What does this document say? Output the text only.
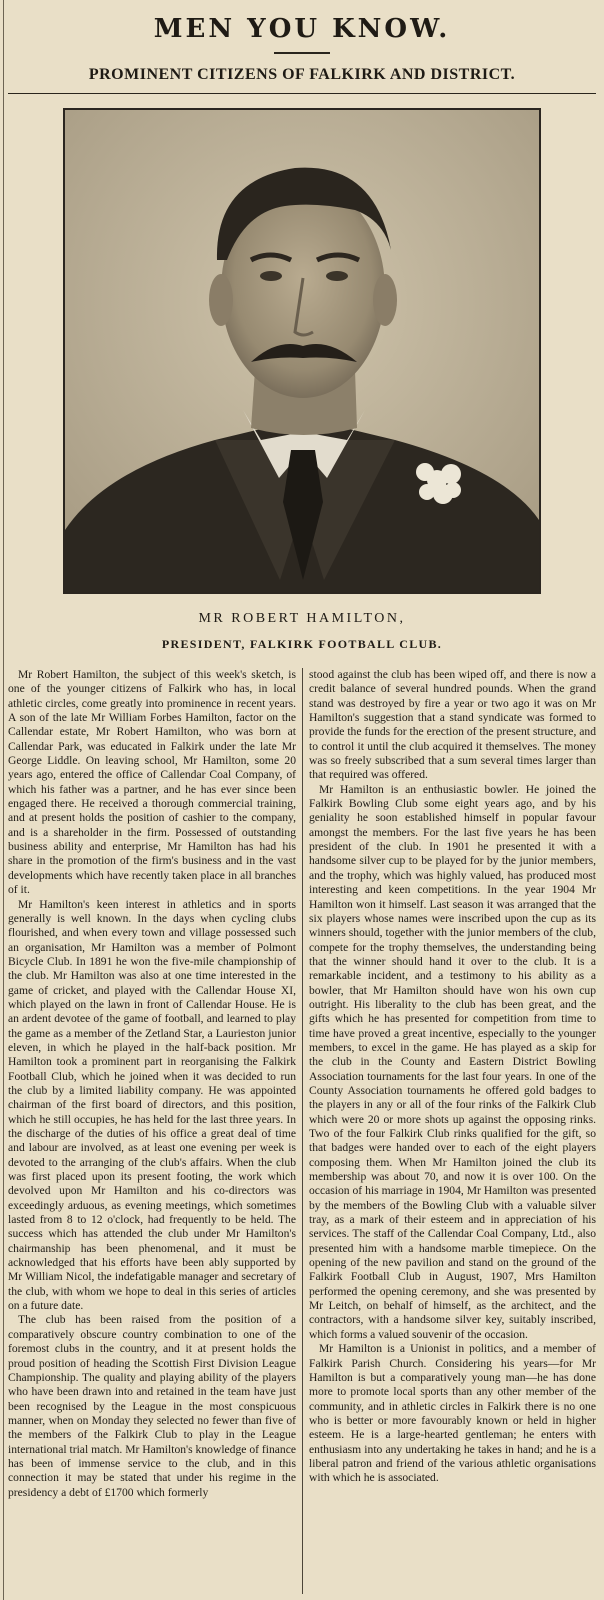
MEN YOU KNOW.
PROMINENT CITIZENS OF FALKIRK AND DISTRICT.
MR ROBERT HAMILTON,
PRESIDENT, FALKIRK FOOTBALL CLUB.

Mr Robert Hamilton, the subject of this week's sketch, is one of the younger citizens of Falkirk who has, in local athletic circles, come greatly into prominence in recent years. A son of the late Mr William Forbes Hamilton, factor on the Callendar estate, Mr Robert Hamilton, who was born at Callendar Park, was educated in Falkirk under the late Mr George Liddle. On leaving school, Mr Hamilton, some 20 years ago, entered the office of Callendar Coal Company, of which his father was a partner, and he has ever since been engaged there. He received a thorough commercial training, and at present holds the position of cashier to the company, and is a shareholder in the firm. Possessed of outstanding business ability and enterprise, Mr Hamilton has had his share in the promotion of the firm's business and in the vast developments which have recently taken place in all branches of it.

Mr Hamilton's keen interest in athletics and in sports generally is well known. In the days when cycling clubs flourished, and when every town and village possessed such an organisation, Mr Hamilton was a member of Polmont Bicycle Club. In 1891 he won the five-mile championship of the club. Mr Hamilton was also at one time interested in the game of cricket, and played with the Callendar House XI, which played on the lawn in front of Callendar House. He is an ardent devotee of the game of football, and learned to play the game as a member of the Zetland Star, a Laurieston junior eleven, in which he played in the half-back position. Mr Hamilton took a prominent part in reorganising the Falkirk Football Club, which he joined when it was decided to run the club by a limited liability company. He was appointed chairman of the first board of directors, and this position, which he still occupies, he has held for the last three years. In the discharge of the duties of his office a great deal of time and labour are involved, as at least one evening per week is devoted to the arranging of the club's affairs. When the club was first placed upon its present footing, the work which devolved upon Mr Hamilton and his co-directors was exceedingly arduous, as evening meetings, which sometimes lasted from 8 to 12 o'clock, had frequently to be held. The success which has attended the club under Mr Hamilton's chairmanship has been phenomenal, and it must be acknowledged that his efforts have been ably supported by Mr William Nicol, the indefatigable manager and secretary of the club, with whom we hope to deal in this series of articles on a future date.

The club has been raised from the position of a comparatively obscure country combination to one of the foremost clubs in the country, and it at present holds the proud position of heading the Scottish First Division League Championship. The quality and playing ability of the players who have been drawn into and retained in the team have just been recognised by the League in the most conspicuous manner, when on Monday they selected no fewer than five of the members of the Falkirk Club to play in the League international trial match. Mr Hamilton's knowledge of finance has been of immense service to the club, and in this connection it may be stated that under his regime in the presidency a debt of £1700 which formerly

stood against the club has been wiped off, and there is now a credit balance of several hundred pounds. When the grand stand was destroyed by fire a year or two ago it was on Mr Hamilton's suggestion that a stand syndicate was formed to provide the funds for the erection of the present structure, and to control it until the club acquired it themselves. The money was so freely subscribed that a sum several times larger than that required was offered.

Mr Hamilton is an enthusiastic bowler. He joined the Falkirk Bowling Club some eight years ago, and by his geniality he soon established himself in popular favour amongst the members. For the last five years he has been president of the club. In 1901 he presented it with a handsome silver cup to be played for by the junior members, and the trophy, which was highly valued, has produced most interesting and keen competitions. In the year 1904 Mr Hamilton won it himself. Last season it was arranged that the six players whose names were inscribed upon the cup as its winners should, together with the junior members of the club, compete for the trophy themselves, the understanding being that the winner should hand it over to the club. It is a remarkable incident, and a testimony to his ability as a bowler, that Mr Hamilton should have won his own cup outright. His liberality to the club has been great, and the gifts which he has presented for competition from time to time have proved a great incentive, especially to the younger members, to excel in the game. He has played as a skip for the club in the County and Eastern District Bowling Association tournaments for the last four years. In one of the County Association tournaments he offered gold badges to the players in any or all of the four rinks of the Falkirk Club which were 20 or more shots up against the opposing rinks. Two of the four Falkirk Club rinks qualified for the gift, so that badges were handed over to each of the eight players composing them. When Mr Hamilton joined the club its membership was about 70, and now it is over 100. On the occasion of his marriage in 1904, Mr Hamilton was presented by the members of the Bowling Club with a valuable silver tray, as a mark of their esteem and in appreciation of his services. The staff of the Callendar Coal Company, Ltd., also presented him with a handsome marble timepiece. On the opening of the new pavilion and stand on the ground of the Falkirk Football Club in August, 1907, Mrs Hamilton performed the opening ceremony, and she was presented by Mr Leitch, on behalf of himself, as the architect, and the contractors, with a handsome silver key, suitably inscribed, which forms a valued souvenir of the occasion.

Mr Hamilton is a Unionist in politics, and a member of Falkirk Parish Church. Considering his years—for Mr Hamilton is but a comparatively young man—he has done more to promote local sports than any other member of the community, and in athletic circles in Falkirk there is no one who is better or more favourably known or held in higher esteem. He is a large-hearted gentleman; he enters with enthusiasm into any undertaking he takes in hand; and he is a liberal patron and friend of the various athletic organisations with which he is associated.
